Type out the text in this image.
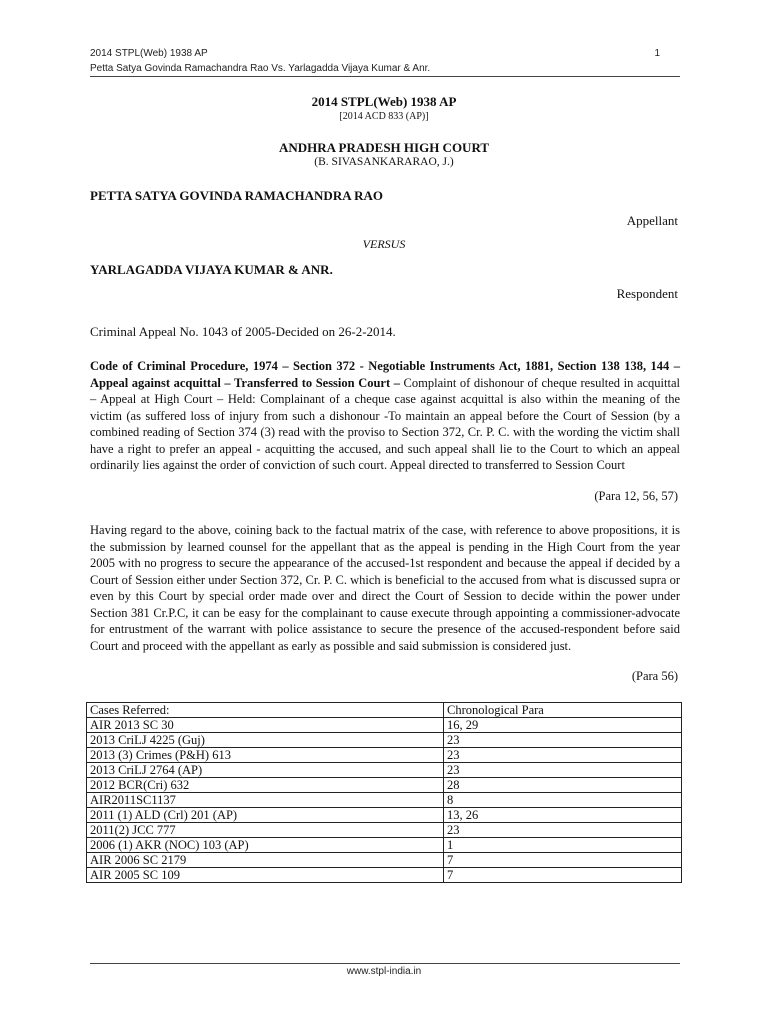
2014 STPL(Web) 1938 AP
Petta Satya Govinda Ramachandra Rao Vs. Yarlagadda Vijaya Kumar & Anr.
1
2014 STPL(Web) 1938 AP
[2014 ACD 833 (AP)]
ANDHRA PRADESH HIGH COURT
(B. SIVASANKARARAO, J.)
PETTA SATYA GOVINDA RAMACHANDRA RAO
Appellant
VERSUS
YARLAGADDA VIJAYA KUMAR & ANR.
Respondent
Criminal Appeal No. 1043 of 2005-Decided on 26-2-2014.
Code of Criminal Procedure, 1974 – Section 372 - Negotiable Instruments Act, 1881, Section 138 138, 144 – Appeal against acquittal – Transferred to Session Court – Complaint of dishonour of cheque resulted in acquittal – Appeal at High Court – Held: Complainant of a cheque case against acquittal is also within the meaning of the victim (as suffered loss of injury from such a dishonour -To maintain an appeal before the Court of Session (by a combined reading of Section 374 (3) read with the proviso to Section 372, Cr. P. C. with the wording the victim shall have a right to prefer an appeal - acquitting the accused, and such appeal shall lie to the Court to which an appeal ordinarily lies against the order of conviction of such court. Appeal directed to transferred to Session Court
(Para 12, 56, 57)
Having regard to the above, coining back to the factual matrix of the case, with reference to above propositions, it is the submission by learned counsel for the appellant that as the appeal is pending in the High Court from the year 2005 with no progress to secure the appearance of the accused-1st respondent and because the appeal if decided by a Court of Session either under Section 372, Cr. P. C. which is beneficial to the accused from what is discussed supra or even by this Court by special order made over and direct the Court of Session to decide within the power under Section 381 Cr.P.C, it can be easy for the complainant to cause execute through appointing a commissioner-advocate for entrustment of the warrant with police assistance to secure the presence of the accused-respondent before said Court and proceed with the appellant as early as possible and said submission is considered just.
(Para 56)
Cases Referred:	Chronological Para
AIR 2013 SC 30	16, 29
2013 CriLJ 4225 (Guj)	23
2013 (3) Crimes (P&H) 613	23
2013 CriLJ 2764 (AP)	23
2012 BCR(Cri) 632	28
AIR2011SC1137	8
2011 (1) ALD (Crl) 201 (AP)	13, 26
2011(2) JCC 777	23
2006 (1) AKR (NOC) 103 (AP)	1
AIR 2006 SC 2179	7
AIR 2005 SC 109	7
www.stpl-india.in
